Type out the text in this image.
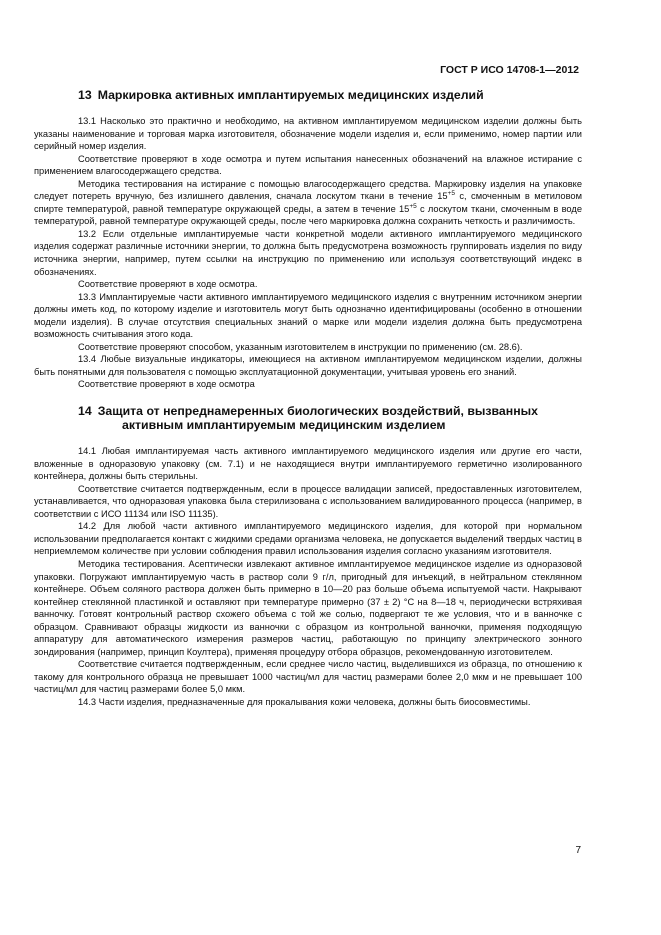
ГОСТ Р ИСО 14708-1—2012
13 Маркировка активных имплантируемых медицинских изделий

13.1 Насколько это практично и необходимо, на активном имплантируемом медицинском изделии должны быть указаны наименование и торговая марка изготовителя, обозначение модели изделия и, если применимо, номер партии или серийный номер изделия.

Соответствие проверяют в ходе осмотра и путем испытания нанесенных обозначений на влажное истирание с применением влагосодержащего средства.

Методика тестирования на истирание с помощью влагосодержащего средства. Маркировку изделия на упаковке следует потереть вручную, без излишнего давления, сначала лоскутом ткани в течение $15^{+5}$ с, смоченным в метиловом спирте температурой, равной температуре окружающей среды, а затем в течение $15^{+5}$ с лоскутом ткани, смоченным в воде температурой, равной температуре окружающей среды, после чего маркировка должна сохранить четкость и различимость.

13.2 Если отдельные имплантируемые части конкретной модели активного имплантируемого медицинского изделия содержат различные источники энергии, то должна быть предусмотрена возможность группировать изделия по виду источника энергии, например, путем ссылки на инструкцию по применению или используя соответствующий индекс в обозначениях.

Соответствие проверяют в ходе осмотра.

13.3 Имплантируемые части активного имплантируемого медицинского изделия с внутренним источником энергии должны иметь код, по которому изделие и изготовитель могут быть однозначно идентифицированы (особенно в отношении модели изделия). В случае отсутствия специальных знаний о марке или модели изделия должна быть предусмотрена возможность считывания этого кода.

Соответствие проверяют способом, указанным изготовителем в инструкции по применению (см. 28.6).

13.4 Любые визуальные индикаторы, имеющиеся на активном имплантируемом медицинском изделии, должны быть понятными для пользователя с помощью эксплуатационной документации, учитывая уровень его знаний.

Соответствие проверяют в ходе осмотра

14 Защита от непреднамеренных биологических воздействий, вызванных активным имплантируемым медицинским изделием

14.1 Любая имплантируемая часть активного имплантируемого медицинского изделия или другие его части, вложенные в одноразовую упаковку (см. 7.1) и не находящиеся внутри имплантируемого герметично изолированного контейнера, должны быть стерильны.

Соответствие считается подтвержденным, если в процессе валидации записей, предоставленных изготовителем, устанавливается, что одноразовая упаковка была стерилизована с использованием валидированного процесса (например, в соответствии с ИСО 11134 или ISO 11135).

14.2 Для любой части активного имплантируемого медицинского изделия, для которой при нормальном использовании предполагается контакт с жидкими средами организма человека, не допускается выделений твердых частиц в неприемлемом количестве при условии соблюдения правил использования изделия согласно указаниям изготовителя.

Методика тестирования. Асептически извлекают активное имплантируемое медицинское изделие из одноразовой упаковки. Погружают имплантируемую часть в раствор соли 9 г/л, пригодный для инъекций, в нейтральном стеклянном контейнере. Объем соляного раствора должен быть примерно в 10—20 раз больше объема испытуемой части. Накрывают контейнер стеклянной пластинкой и оставляют при температуре примерно (37 ± 2) °С на 8—18 ч, периодически встряхивая ванночку. Готовят контрольный раствор схожего объема с той же солью, подвергают те же условия, что и в ванночке с образцом. Сравнивают образцы жидкости из ванночки с образцом из контрольной ванночки, применяя подходящую аппаратуру для автоматического измерения размеров частиц, работающую по принципу электрического зонного зондирования (например, принцип Коултера), применяя процедуру отбора образцов, рекомендованную изготовителем.

Соответствие считается подтвержденным, если среднее число частиц, выделившихся из образца, по отношению к такому для контрольного образца не превышает 1000 частиц/мл для частиц размерами более 2,0 мкм и не превышает 100 частиц/мл для частиц размерами более 5,0 мкм.

14.3 Части изделия, предназначенные для прокалывания кожи человека, должны быть биосовместимы.

7
